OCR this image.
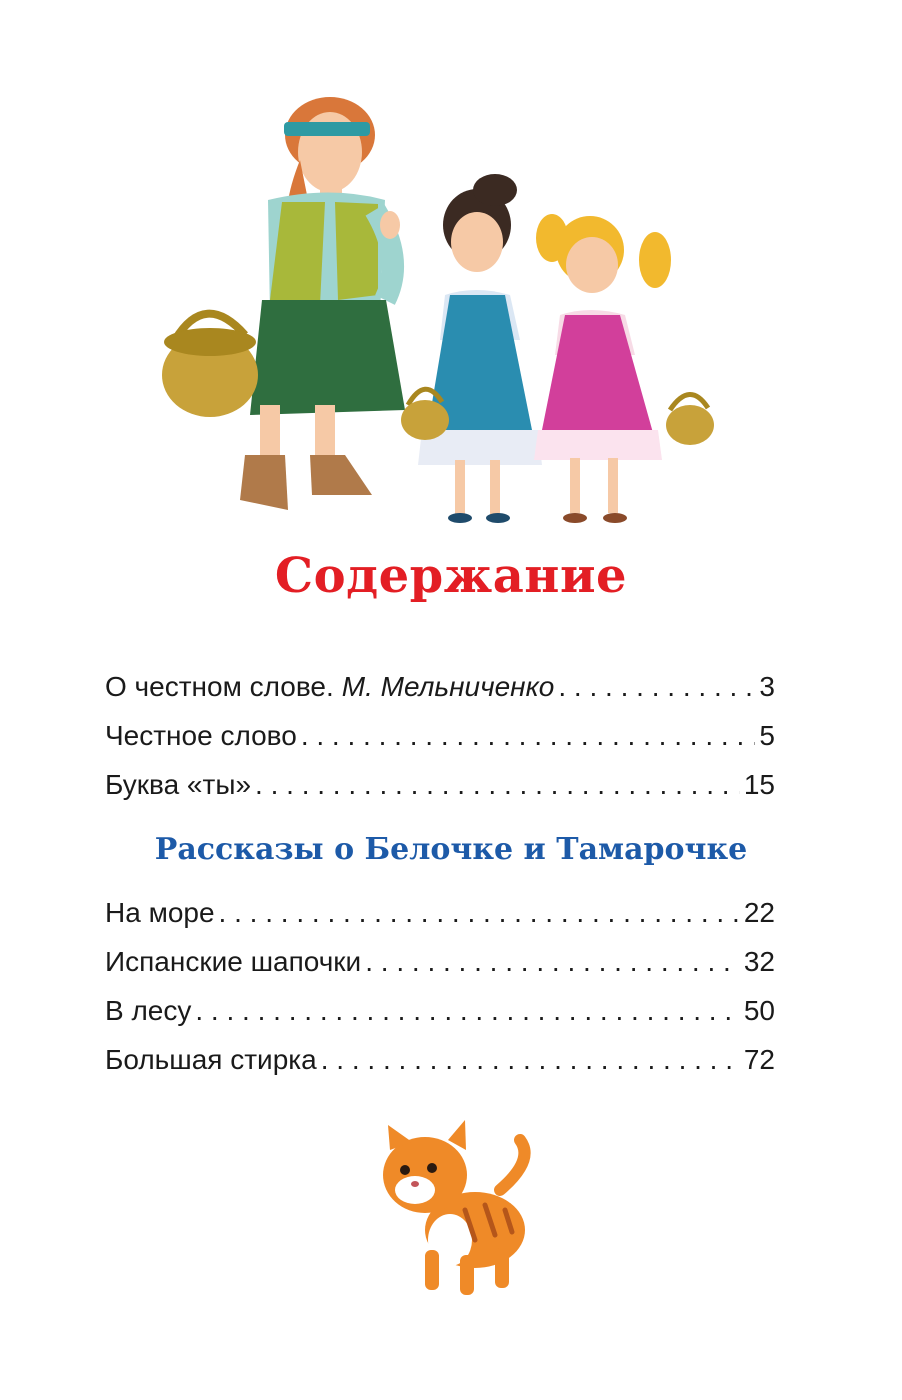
Содержание
О честном слове. М. Мельниченко . . .	3
Честное слово . . .	5
Буква «ты» . . .	15
Рассказы о Белочке и Тамарочке
На море . . .	22
Испанские шапочки . . .	32
В лесу . . .	50
Большая стирка . . .	72
